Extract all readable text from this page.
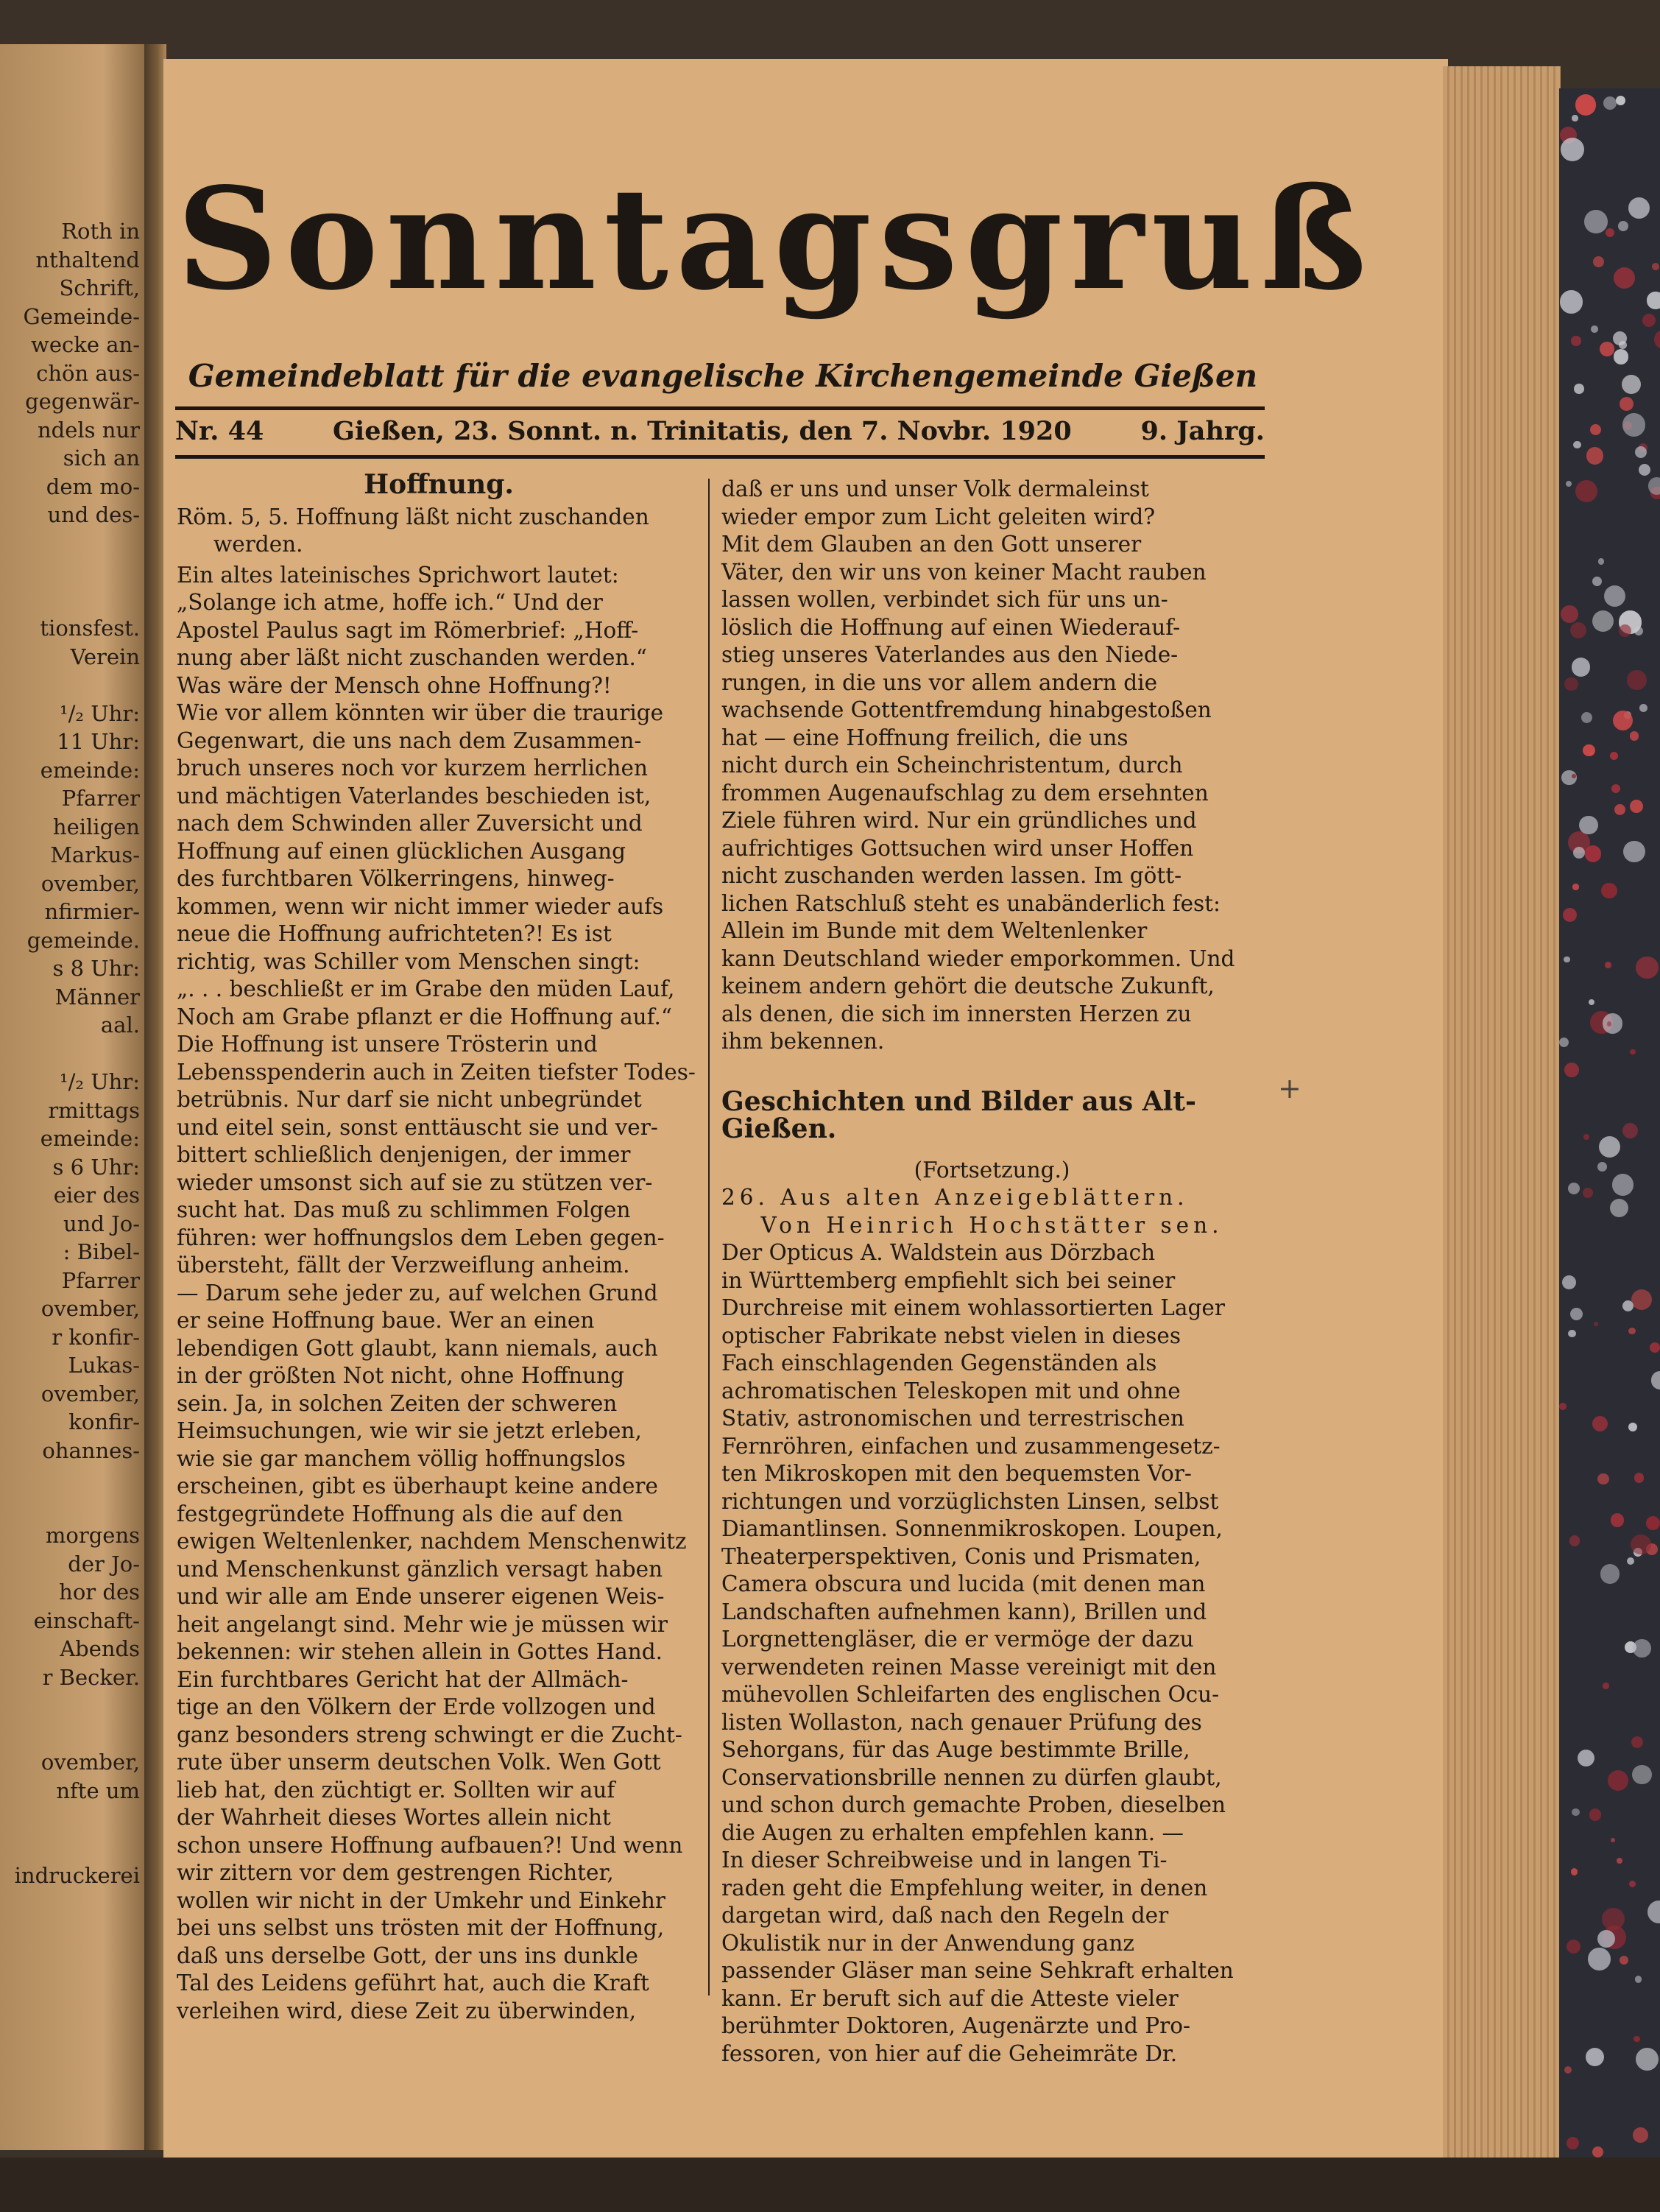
Roth in
nthaltend
Schrift,
Gemeinde-
wecke an-
chön aus-
gegenwär-
ndels nur
sich an
dem mo-
und des-
tionsfest.
Verein
¹/₂ Uhr:
11 Uhr:
emeinde:
Pfarrer
heiligen
Markus-
ovember,
nfirmier-
gemeinde.
s 8 Uhr:
Männer
aal.
¹/₂ Uhr:
rmittags
emeinde:
s 6 Uhr:
eier des
und Jo-
: Bibel-
Pfarrer
ovember,
r konfir-
Lukas-
ovember,
konfir-
ohannes-
morgens
der Jo-
hor des
einschaft-
Abends
r Becker.
ovember,
nfte um
indruckerei
Sonntagsgruß
Gemeindeblatt für die evangelische Kirchengemeinde Gießen
Nr. 44	Gießen, 23. Sonnt. n. Trinitatis, den 7. Novbr. 1920	9. Jahrg.
Hoffnung.
Röm. 5, 5. Hoffnung läßt nicht zuschanden
werden.
Ein altes lateinisches Sprichwort lautet:
„Solange ich atme, hoffe ich.“ Und der
Apostel Paulus sagt im Römerbrief: „Hoff-
nung aber läßt nicht zuschanden werden.“
Was wäre der Mensch ohne Hoffnung?!
Wie vor allem könnten wir über die traurige
Gegenwart, die uns nach dem Zusammen-
bruch unseres noch vor kurzem herrlichen
und mächtigen Vaterlandes beschieden ist,
nach dem Schwinden aller Zuversicht und
Hoffnung auf einen glücklichen Ausgang
des furchtbaren Völkerringens, hinweg-
kommen, wenn wir nicht immer wieder aufs
neue die Hoffnung aufrichteten?! Es ist
richtig, was Schiller vom Menschen singt:
„. . . beschließt er im Grabe den müden Lauf,
Noch am Grabe pflanzt er die Hoffnung auf.“
Die Hoffnung ist unsere Trösterin und
Lebensspenderin auch in Zeiten tiefster Todes-
betrübnis. Nur darf sie nicht unbegründet
und eitel sein, sonst enttäuscht sie und ver-
bittert schließlich denjenigen, der immer
wieder umsonst sich auf sie zu stützen ver-
sucht hat. Das muß zu schlimmen Folgen
führen: wer hoffnungslos dem Leben gegen-
übersteht, fällt der Verzweiflung anheim.
— Darum sehe jeder zu, auf welchen Grund
er seine Hoffnung baue. Wer an einen
lebendigen Gott glaubt, kann niemals, auch
in der größten Not nicht, ohne Hoffnung
sein. Ja, in solchen Zeiten der schweren
Heimsuchungen, wie wir sie jetzt erleben,
wie sie gar manchem völlig hoffnungslos
erscheinen, gibt es überhaupt keine andere
festgegründete Hoffnung als die auf den
ewigen Weltenlenker, nachdem Menschenwitz
und Menschenkunst gänzlich versagt haben
und wir alle am Ende unserer eigenen Weis-
heit angelangt sind. Mehr wie je müssen wir
bekennen: wir stehen allein in Gottes Hand.
Ein furchtbares Gericht hat der Allmäch-
tige an den Völkern der Erde vollzogen und
ganz besonders streng schwingt er die Zucht-
rute über unserm deutschen Volk. Wen Gott
lieb hat, den züchtigt er. Sollten wir auf
der Wahrheit dieses Wortes allein nicht
schon unsere Hoffnung aufbauen?! Und wenn
wir zittern vor dem gestrengen Richter,
wollen wir nicht in der Umkehr und Einkehr
bei uns selbst uns trösten mit der Hoffnung,
daß uns derselbe Gott, der uns ins dunkle
Tal des Leidens geführt hat, auch die Kraft
verleihen wird, diese Zeit zu überwinden,
daß er uns und unser Volk dermaleinst
wieder empor zum Licht geleiten wird?
Mit dem Glauben an den Gott unserer
Väter, den wir uns von keiner Macht rauben
lassen wollen, verbindet sich für uns un-
löslich die Hoffnung auf einen Wiederauf-
stieg unseres Vaterlandes aus den Niede-
rungen, in die uns vor allem andern die
wachsende Gottentfremdung hinabgestoßen
hat — eine Hoffnung freilich, die uns
nicht durch ein Scheinchristentum, durch
frommen Augenaufschlag zu dem ersehnten
Ziele führen wird. Nur ein gründliches und
aufrichtiges Gottsuchen wird unser Hoffen
nicht zuschanden werden lassen. Im gött-
lichen Ratschluß steht es unabänderlich fest:
Allein im Bunde mit dem Weltenlenker
kann Deutschland wieder emporkommen. Und
keinem andern gehört die deutsche Zukunft,
als denen, die sich im innersten Herzen zu
ihm bekennen.
Geschichten und Bilder aus Alt-Gießen.
(Fortsetzung.)
26. Aus alten Anzeigeblättern.
Von Heinrich Hochstätter sen.
Der Opticus A. Waldstein aus Dörzbach
in Württemberg empfiehlt sich bei seiner
Durchreise mit einem wohlassortierten Lager
optischer Fabrikate nebst vielen in dieses
Fach einschlagenden Gegenständen als
achromatischen Teleskopen mit und ohne
Stativ, astronomischen und terrestrischen
Fernröhren, einfachen und zusammengesetz-
ten Mikroskopen mit den bequemsten Vor-
richtungen und vorzüglichsten Linsen, selbst
Diamantlinsen. Sonnenmikroskopen. Loupen,
Theaterperspektiven, Conis und Prismaten,
Camera obscura und lucida (mit denen man
Landschaften aufnehmen kann), Brillen und
Lorgnettengläser, die er vermöge der dazu
verwendeten reinen Masse vereinigt mit den
mühevollen Schleifarten des englischen Ocu-
listen Wollaston, nach genauer Prüfung des
Sehorgans, für das Auge bestimmte Brille,
Conservationsbrille nennen zu dürfen glaubt,
und schon durch gemachte Proben, dieselben
die Augen zu erhalten empfehlen kann. —
In dieser Schreibweise und in langen Ti-
raden geht die Empfehlung weiter, in denen
dargetan wird, daß nach den Regeln der
Okulistik nur in der Anwendung ganz
passender Gläser man seine Sehkraft erhalten
kann. Er beruft sich auf die Atteste vieler
berühmter Doktoren, Augenärzte und Pro-
fessoren, von hier auf die Geheimräte Dr.
+
